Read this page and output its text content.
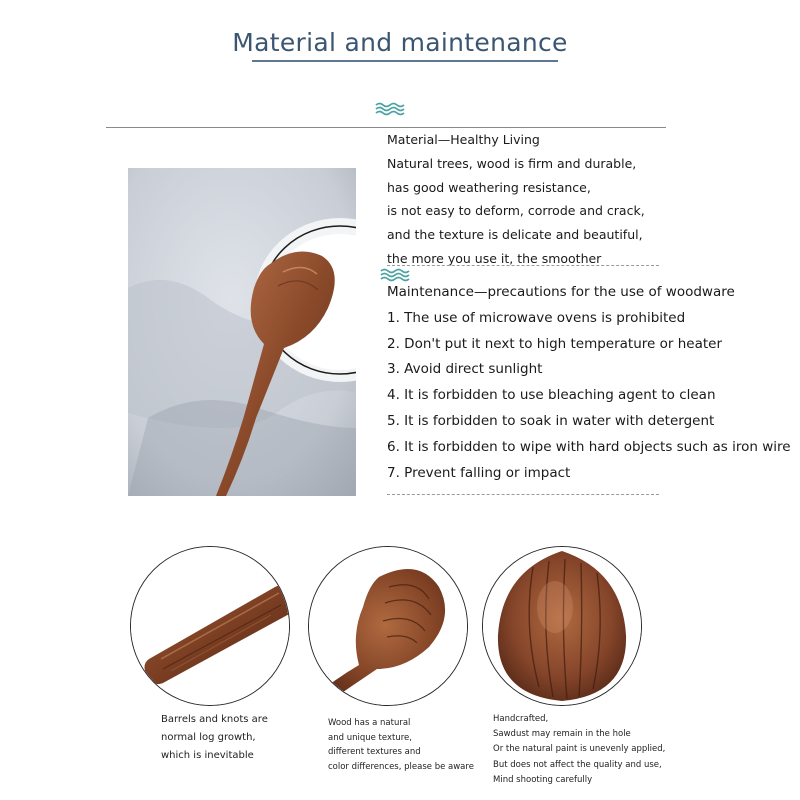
Material and maintenance
Material—Healthy Living
Natural trees, wood is firm and durable,
has good weathering resistance,
is not easy to deform, corrode and crack,
and the texture is delicate and beautiful,
the more you use it, the smoother
Maintenance—precautions for the use of woodware
1. The use of microwave ovens is prohibited
2. Don't put it next to high temperature or heater
3. Avoid direct sunlight
4. It is forbidden to use bleaching agent to clean
5. It is forbidden to soak in water with detergent
6. It is forbidden to wipe with hard objects such as iron wire
7. Prevent falling or impact
Barrels and knots are
normal log growth,
which is inevitable
Wood has a natural
and unique texture,
different textures and
color differences, please be aware
Handcrafted,
Sawdust may remain in the hole
Or the natural paint is unevenly applied,
But does not affect the quality and use,
Mind shooting carefully
